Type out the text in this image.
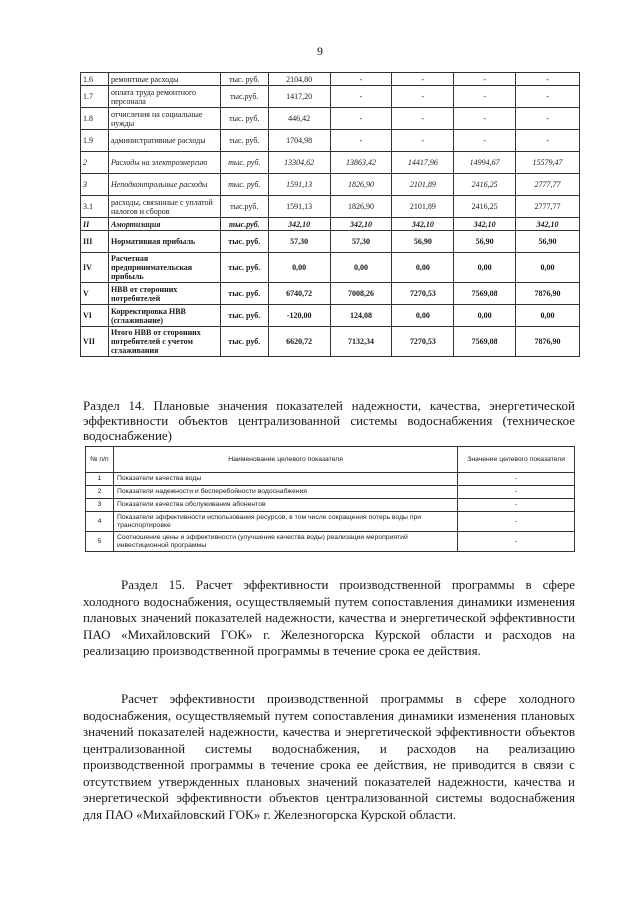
9
1.6	ремонтные расходы	тыс. руб.	2104,80	-	-	-	-
1.7	оплата труда ремонтного персонала	тыс.руб.	1417,20	-	-	-	-
1.8	отчисления на социальные нужды	тыс. руб.	446,42	-	-	-	-
1.9	административные расходы	тыс. руб.	1704,98	-	-	-	-
2	Расходы на электроэнергию	тыс. руб.	13304,62	13863,42	14417,96	14994,67	15579,47
3	Неподконтрольные расходы	тыс. руб.	1591,13	1826,90	2101,89	2416,25	2777,77
3.1	расходы, связанные с уплатой налогов и сборов	тыс.руб.	1591,13	1826,90	2101,89	2416,25	2777,77
II	Амортизация	тыс.руб.	342,10	342,10	342,10	342,10	342,10
III	Нормативная прибыль	тыс. руб.	57,30	57,30	56,90	56,90	56,90
IV	Расчетная предпринимательская прибыль	тыс. руб.	0,00	0,00	0,00	0,00	0,00
V	НВВ от сторонних потребителей	тыс. руб.	6740,72	7008,26	7270,53	7569,08	7876,90
VI	Корректировка НВВ (сглаживание)	тыс. руб.	-120,00	124,08	0,00	0,00	0,00
VII	Итого НВВ от сторонних потребителей с учетом сглаживания	тыс. руб.	6620,72	7132,34	7270,53	7569,08	7876,90
Раздел 14. Плановые значения показателей надежности, качества, энергетической эффективности объектов централизованной системы водоснабжения (техническое водоснабжение)
№ п/п	Наименование целевого показателя	Значение целевого показателя
1	Показатели качества воды	-
2	Показатели надежности и бесперебойности водоснабжения	-
3	Показатели качества обслуживания абонентов	-
4	Показатели эффективности использования ресурсов, в том числе сокращения потерь воды при транспортировке	-
5	Соотношение цены и эффективности (улучшение качества воды) реализации мероприятий инвестиционной программы	-

Раздел 15. Расчет эффективности производственной программы в сфере холодного водоснабжения, осуществляемый путем сопоставления динамики изменения плановых значений показателей надежности, качества и энергетической эффективности ПАО «Михайловский ГОК» г. Железногорска Курской области и расходов на реализацию производственной программы в течение срока ее действия.

Расчет эффективности производственной программы в сфере холодного водоснабжения, осуществляемый путем сопоставления динамики изменения плановых значений показателей надежности, качества и энергетической эффективности объектов централизованной системы водоснабжения, и расходов на реализацию производственной программы в течение срока ее действия, не приводится в связи с отсутствием утвержденных плановых значений показателей надежности, качества и энергетической эффективности объектов централизованной системы водоснабжения для ПАО «Михайловский ГОК» г. Железногорска Курской области.
